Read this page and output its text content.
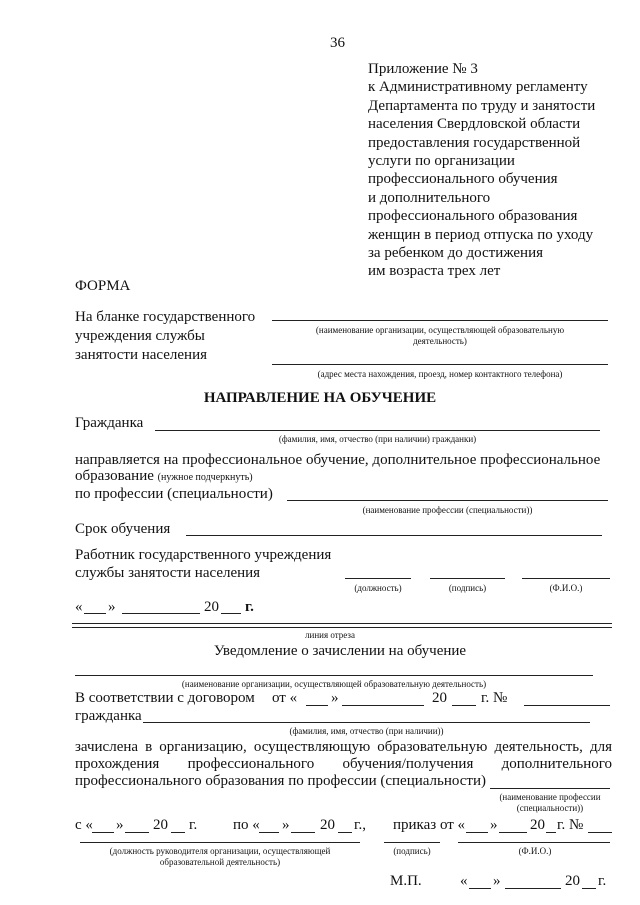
36
Приложение № 3
к Административному регламенту
Департамента по труду и занятости
населения Свердловской области
предоставления государственной
услуги по организации
профессионального обучения
и дополнительного
профессионального образования
женщин в период отпуска по уходу
за ребенком до достижения
им возраста трех лет
ФОРМА
На бланке государственного
учреждения службы
занятости населения
(наименование организации, осуществляющей образовательную
деятельность)
(адрес места нахождения, проезд, номер контактного телефона)
НАПРАВЛЕНИЕ НА ОБУЧЕНИЕ
Гражданка
(фамилия, имя, отчество (при наличии) гражданки)
направляется на профессиональное обучение, дополнительное профессиональное
образование (нужное подчеркнуть)
по профессии (специальности)
(наименование профессии (специальности))
Срок обучения
Работник государственного учреждения
службы занятости населения
(должность)	(подпись)	(Ф.И.О.)
« »	20 г.
линия отреза
Уведомление о зачислении на обучение
(наименование организации, осуществляющей образовательную деятельность)
В соответствии с договором от « »	20 г. №
гражданка
(фамилия, имя, отчество (при наличии))
зачислена в организацию, осуществляющую образовательную деятельность, для
прохождения профессионального обучения/получения дополнительного
профессионального образования по профессии (специальности)
(наименование профессии
(специальности))
с « » 20 г. по « » 20 г., приказ от « » 20 г. №
(должность руководителя организации, осуществляющей
образовательной деятельность)
(подпись)	(Ф.И.О.)
М.П.	« »	20 г.
